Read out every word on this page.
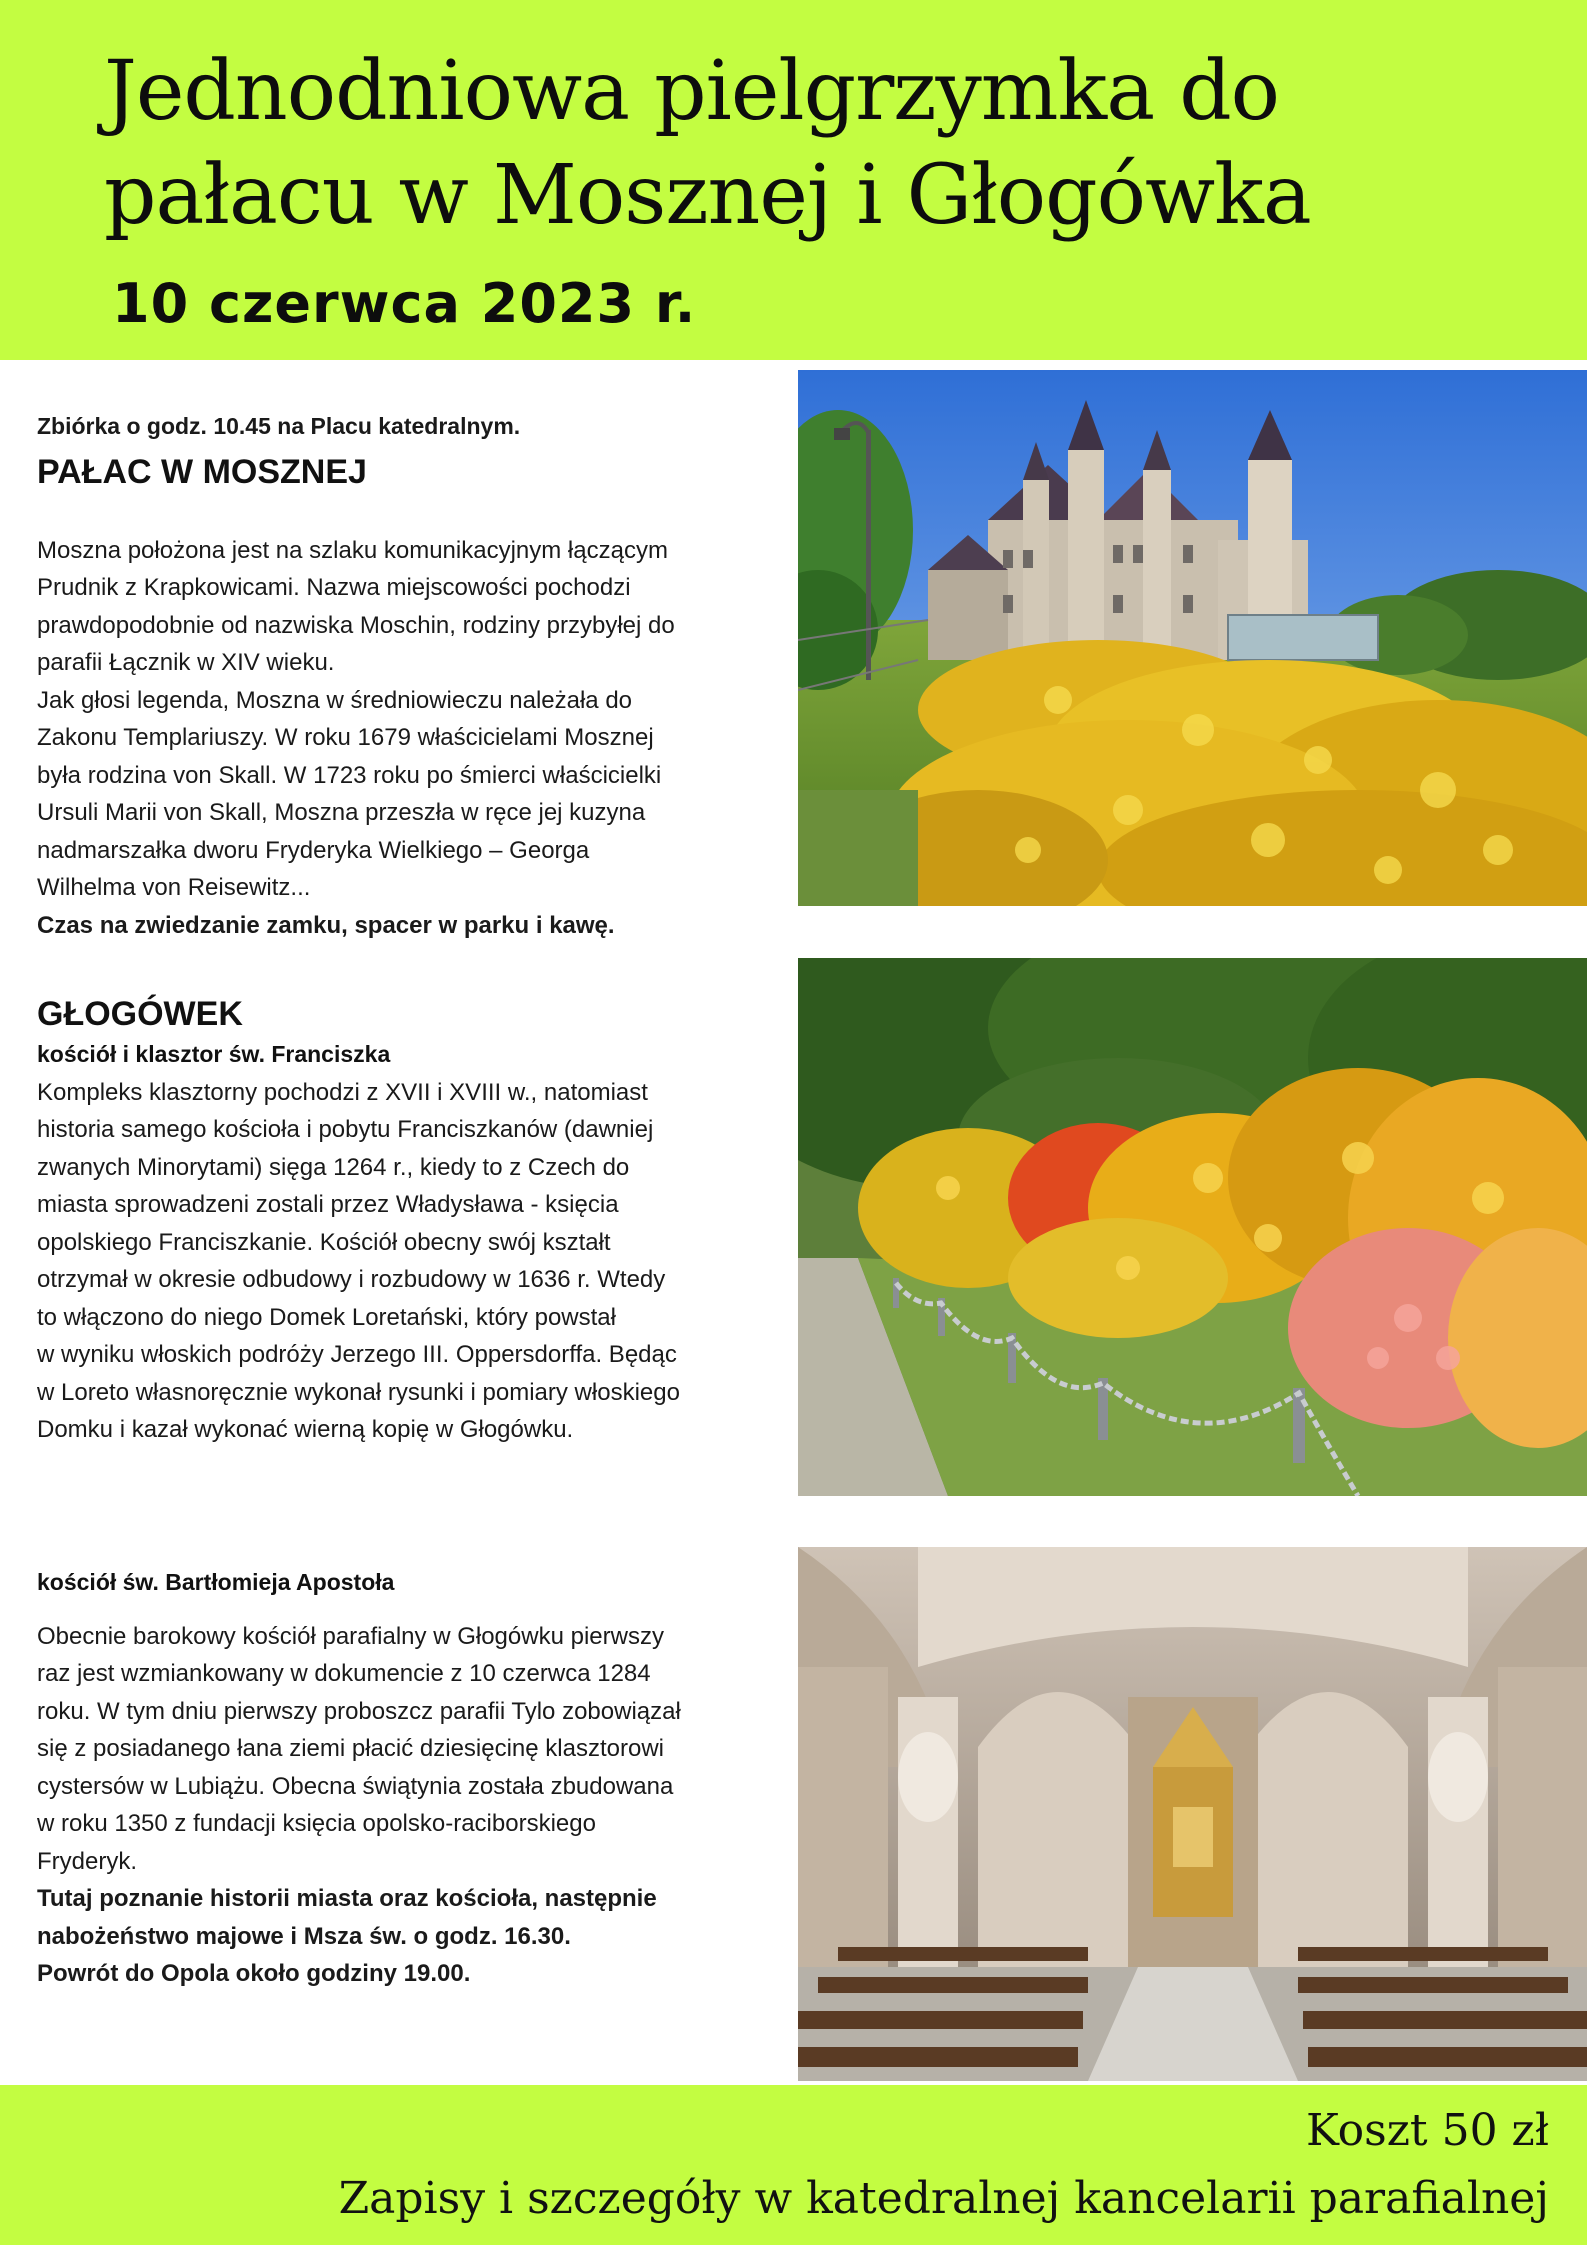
Jednodniowa pielgrzymka do
pałacu w Mosznej i Głogówka
10 czerwca 2023 r.
Zbiórka o godz. 10.45 na Placu katedralnym.
PAŁAC W MOSZNEJ

Moszna położona jest na szlaku komunikacyjnym łączącym

Prudnik z Krapkowicami. Nazwa miejscowości pochodzi

prawdopodobnie od nazwiska Moschin, rodziny przybyłej do

parafii Łącznik w XIV wieku.

Jak głosi legenda, Moszna w średniowieczu należała do

Zakonu Templariuszy. W roku 1679 właścicielami Mosznej

była rodzina von Skall. W 1723 roku po śmierci właścicielki

Ursuli Marii von Skall, Moszna przeszła w ręce jej kuzyna

nadmarszałka dworu Fryderyka Wielkiego – Georga

Wilhelma von Reisewitz...

Czas na zwiedzanie zamku, spacer w parku i kawę.

GŁOGÓWEK
kościół i klasztor św. Franciszka

Kompleks klasztorny pochodzi z XVII i XVIII w., natomiast

historia samego kościoła i pobytu Franciszkanów (dawniej

zwanych Minorytami) sięga 1264 r., kiedy to z Czech do

miasta sprowadzeni zostali przez Władysława - księcia

opolskiego Franciszkanie. Kościół obecny swój kształt

otrzymał w okresie odbudowy i rozbudowy w 1636 r. Wtedy

to włączono do niego Domek Loretański, który powstał

w wyniku włoskich podróży Jerzego III. Oppersdorffa. Będąc

w Loreto własnoręcznie wykonał rysunki i pomiary włoskiego

Domku i kazał wykonać wierną kopię w Głogówku.

kościół św. Bartłomieja Apostoła

Obecnie barokowy kościół parafialny w Głogówku pierwszy

raz jest wzmiankowany w dokumencie z 10 czerwca 1284

roku. W tym dniu pierwszy proboszcz parafii Tylo zobowiązał

się z posiadanego łana ziemi płacić dziesięcinę klasztorowi

cystersów w Lubiążu. Obecna świątynia została zbudowana

w roku 1350 z fundacji księcia opolsko-raciborskiego

Fryderyk.

Tutaj poznanie historii miasta oraz kościoła, następnie

nabożeństwo majowe i Msza św. o godz. 16.30.

Powrót do Opola około godziny 19.00.

Koszt 50 zł
Zapisy i szczegóły w katedralnej kancelarii parafialnej
